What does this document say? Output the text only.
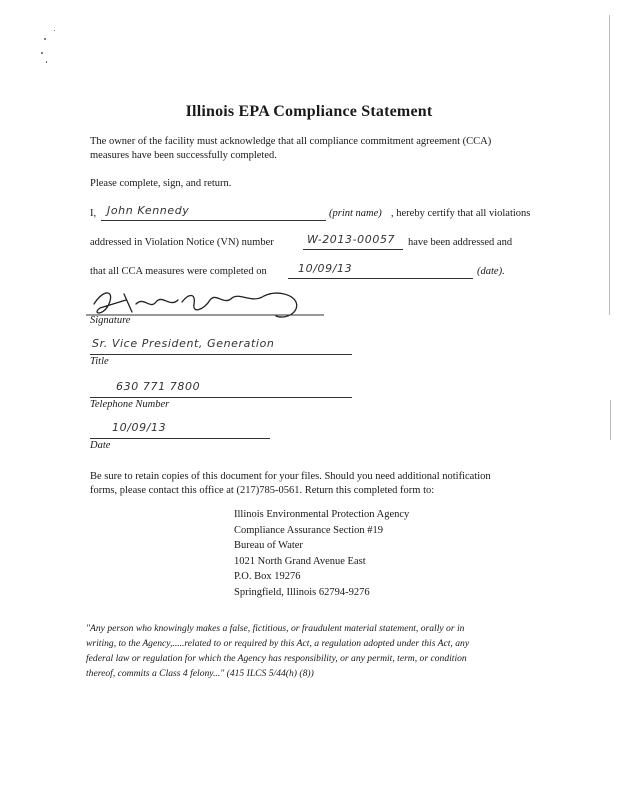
Illinois EPA Compliance Statement
The owner of the facility must acknowledge that all compliance commitment agreement (CCA)
measures have been successfully completed.
Please complete, sign, and return.
I, John Kennedy	(print name) , hereby certify that all violations
addressed in Violation Notice (VN) number	W-2013-00057 have been addressed and
that all CCA measures were completed on	10/09/13	(date).
Signature
Sr. Vice President, Generation
Title
630 771 7800
Telephone Number
10/09/13
Date
Be sure to retain copies of this document for your files. Should you need additional notification
forms, please contact this office at (217)785-0561. Return this completed form to:
Illinois Environmental Protection Agency
Compliance Assurance Section #19
Bureau of Water
1021 North Grand Avenue East
P.O. Box 19276
Springfield, Illinois 62794-9276
"Any person who knowingly makes a false, fictitious, or fraudulent material statement, orally or in
writing, to the Agency,.....related to or required by this Act, a regulation adopted under this Act, any
federal law or regulation for which the Agency has responsibility, or any permit, term, or condition
thereof, commits a Class 4 felony..." (415 ILCS 5/44(h) (8))
